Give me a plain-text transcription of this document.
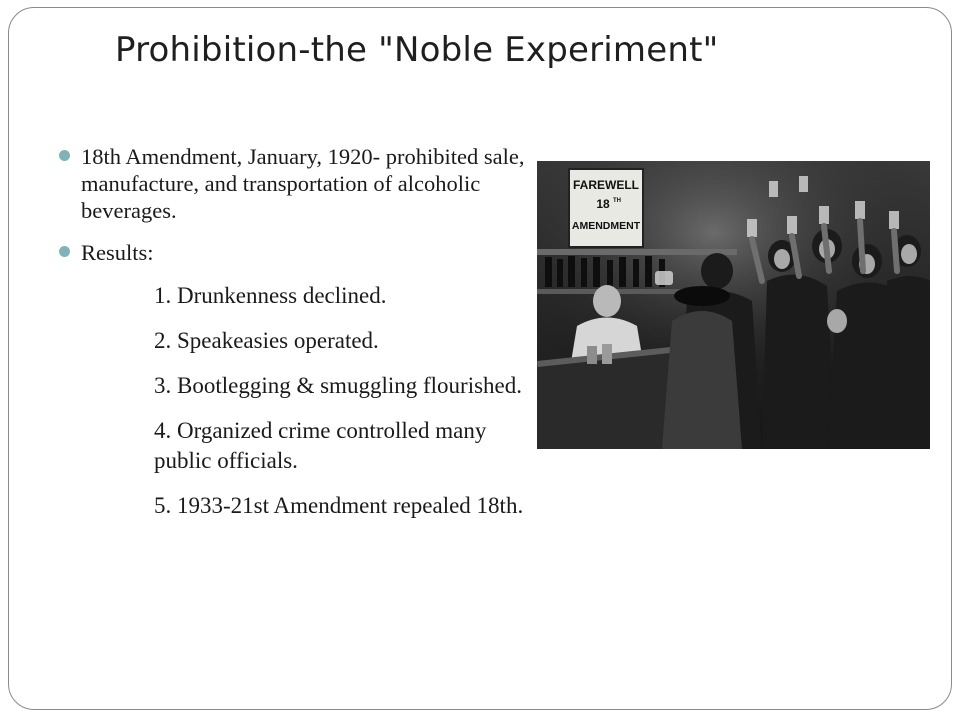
Prohibition-the "Noble Experiment"
18th Amendment, January, 1920- prohibited sale, manufacture, and transportation of alcoholic beverages.
Results:
1. Drunkenness declined.
2. Speakeasies operated.
3. Bootlegging & smuggling flourished.
4. Organized crime controlled many public officials.
5. 1933-21st Amendment repealed 18th.
FAREWELL
18 TH
AMENDMENT
